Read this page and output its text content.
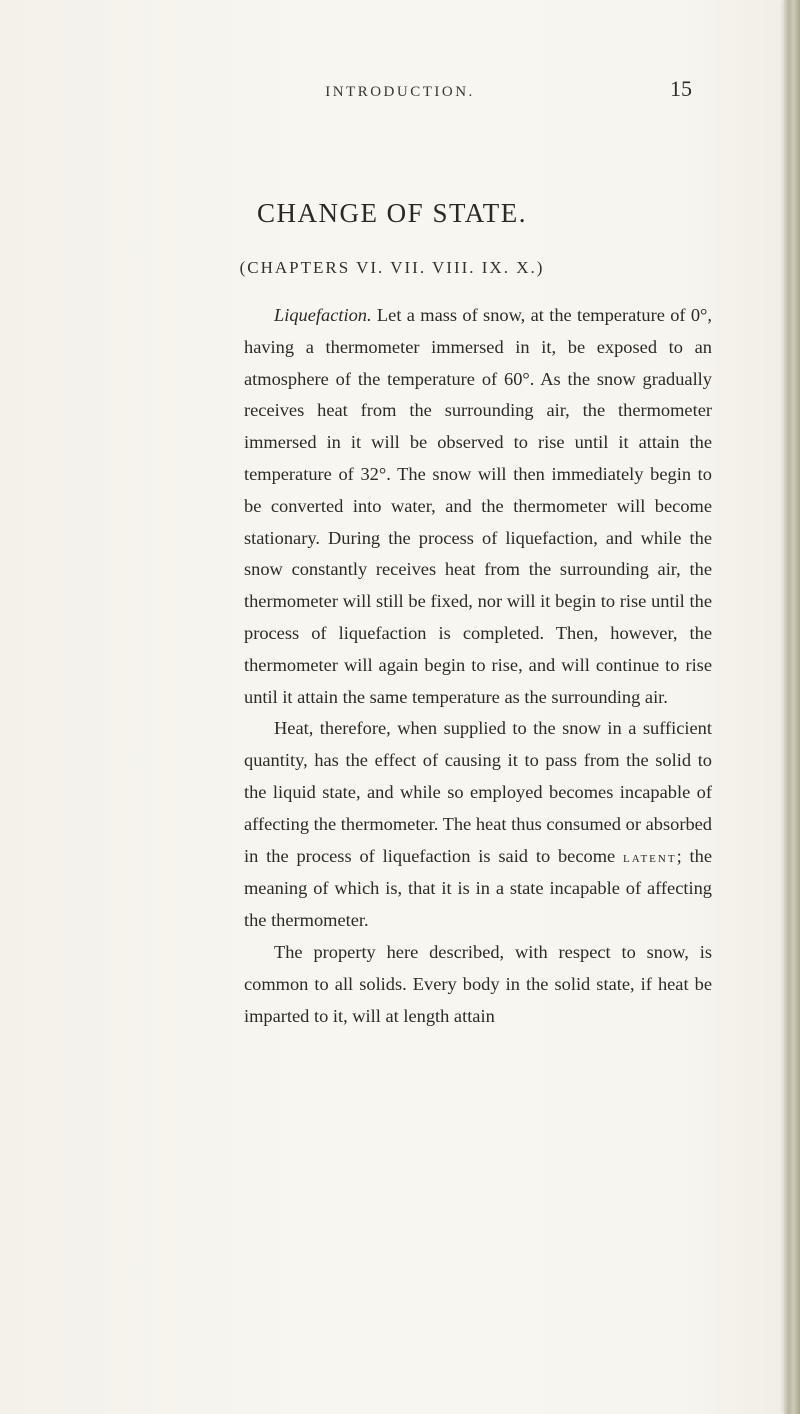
INTRODUCTION.	15
CHANGE OF STATE.
(CHAPTERS VI. VII. VIII. IX. X.)

Liquefaction. Let a mass of snow, at the temperature of 0°, having a thermometer immersed in it, be exposed to an atmosphere of the temperature of 60°. As the snow gradually receives heat from the surrounding air, the thermometer immersed in it will be observed to rise until it attain the temperature of 32°. The snow will then immediately begin to be converted into water, and the thermometer will become stationary. During the process of liquefaction, and while the snow constantly receives heat from the surrounding air, the thermometer will still be fixed, nor will it begin to rise until the process of liquefaction is completed. Then, however, the thermometer will again begin to rise, and will continue to rise until it attain the same temperature as the surrounding air.

Heat, therefore, when supplied to the snow in a sufficient quantity, has the effect of causing it to pass from the solid to the liquid state, and while so employed becomes incapable of affecting the thermometer. The heat thus consumed or absorbed in the process of liquefaction is said to become latent; the meaning of which is, that it is in a state incapable of affecting the thermometer.

The property here described, with respect to snow, is common to all solids. Every body in the solid state, if heat be imparted to it, will at length attain
